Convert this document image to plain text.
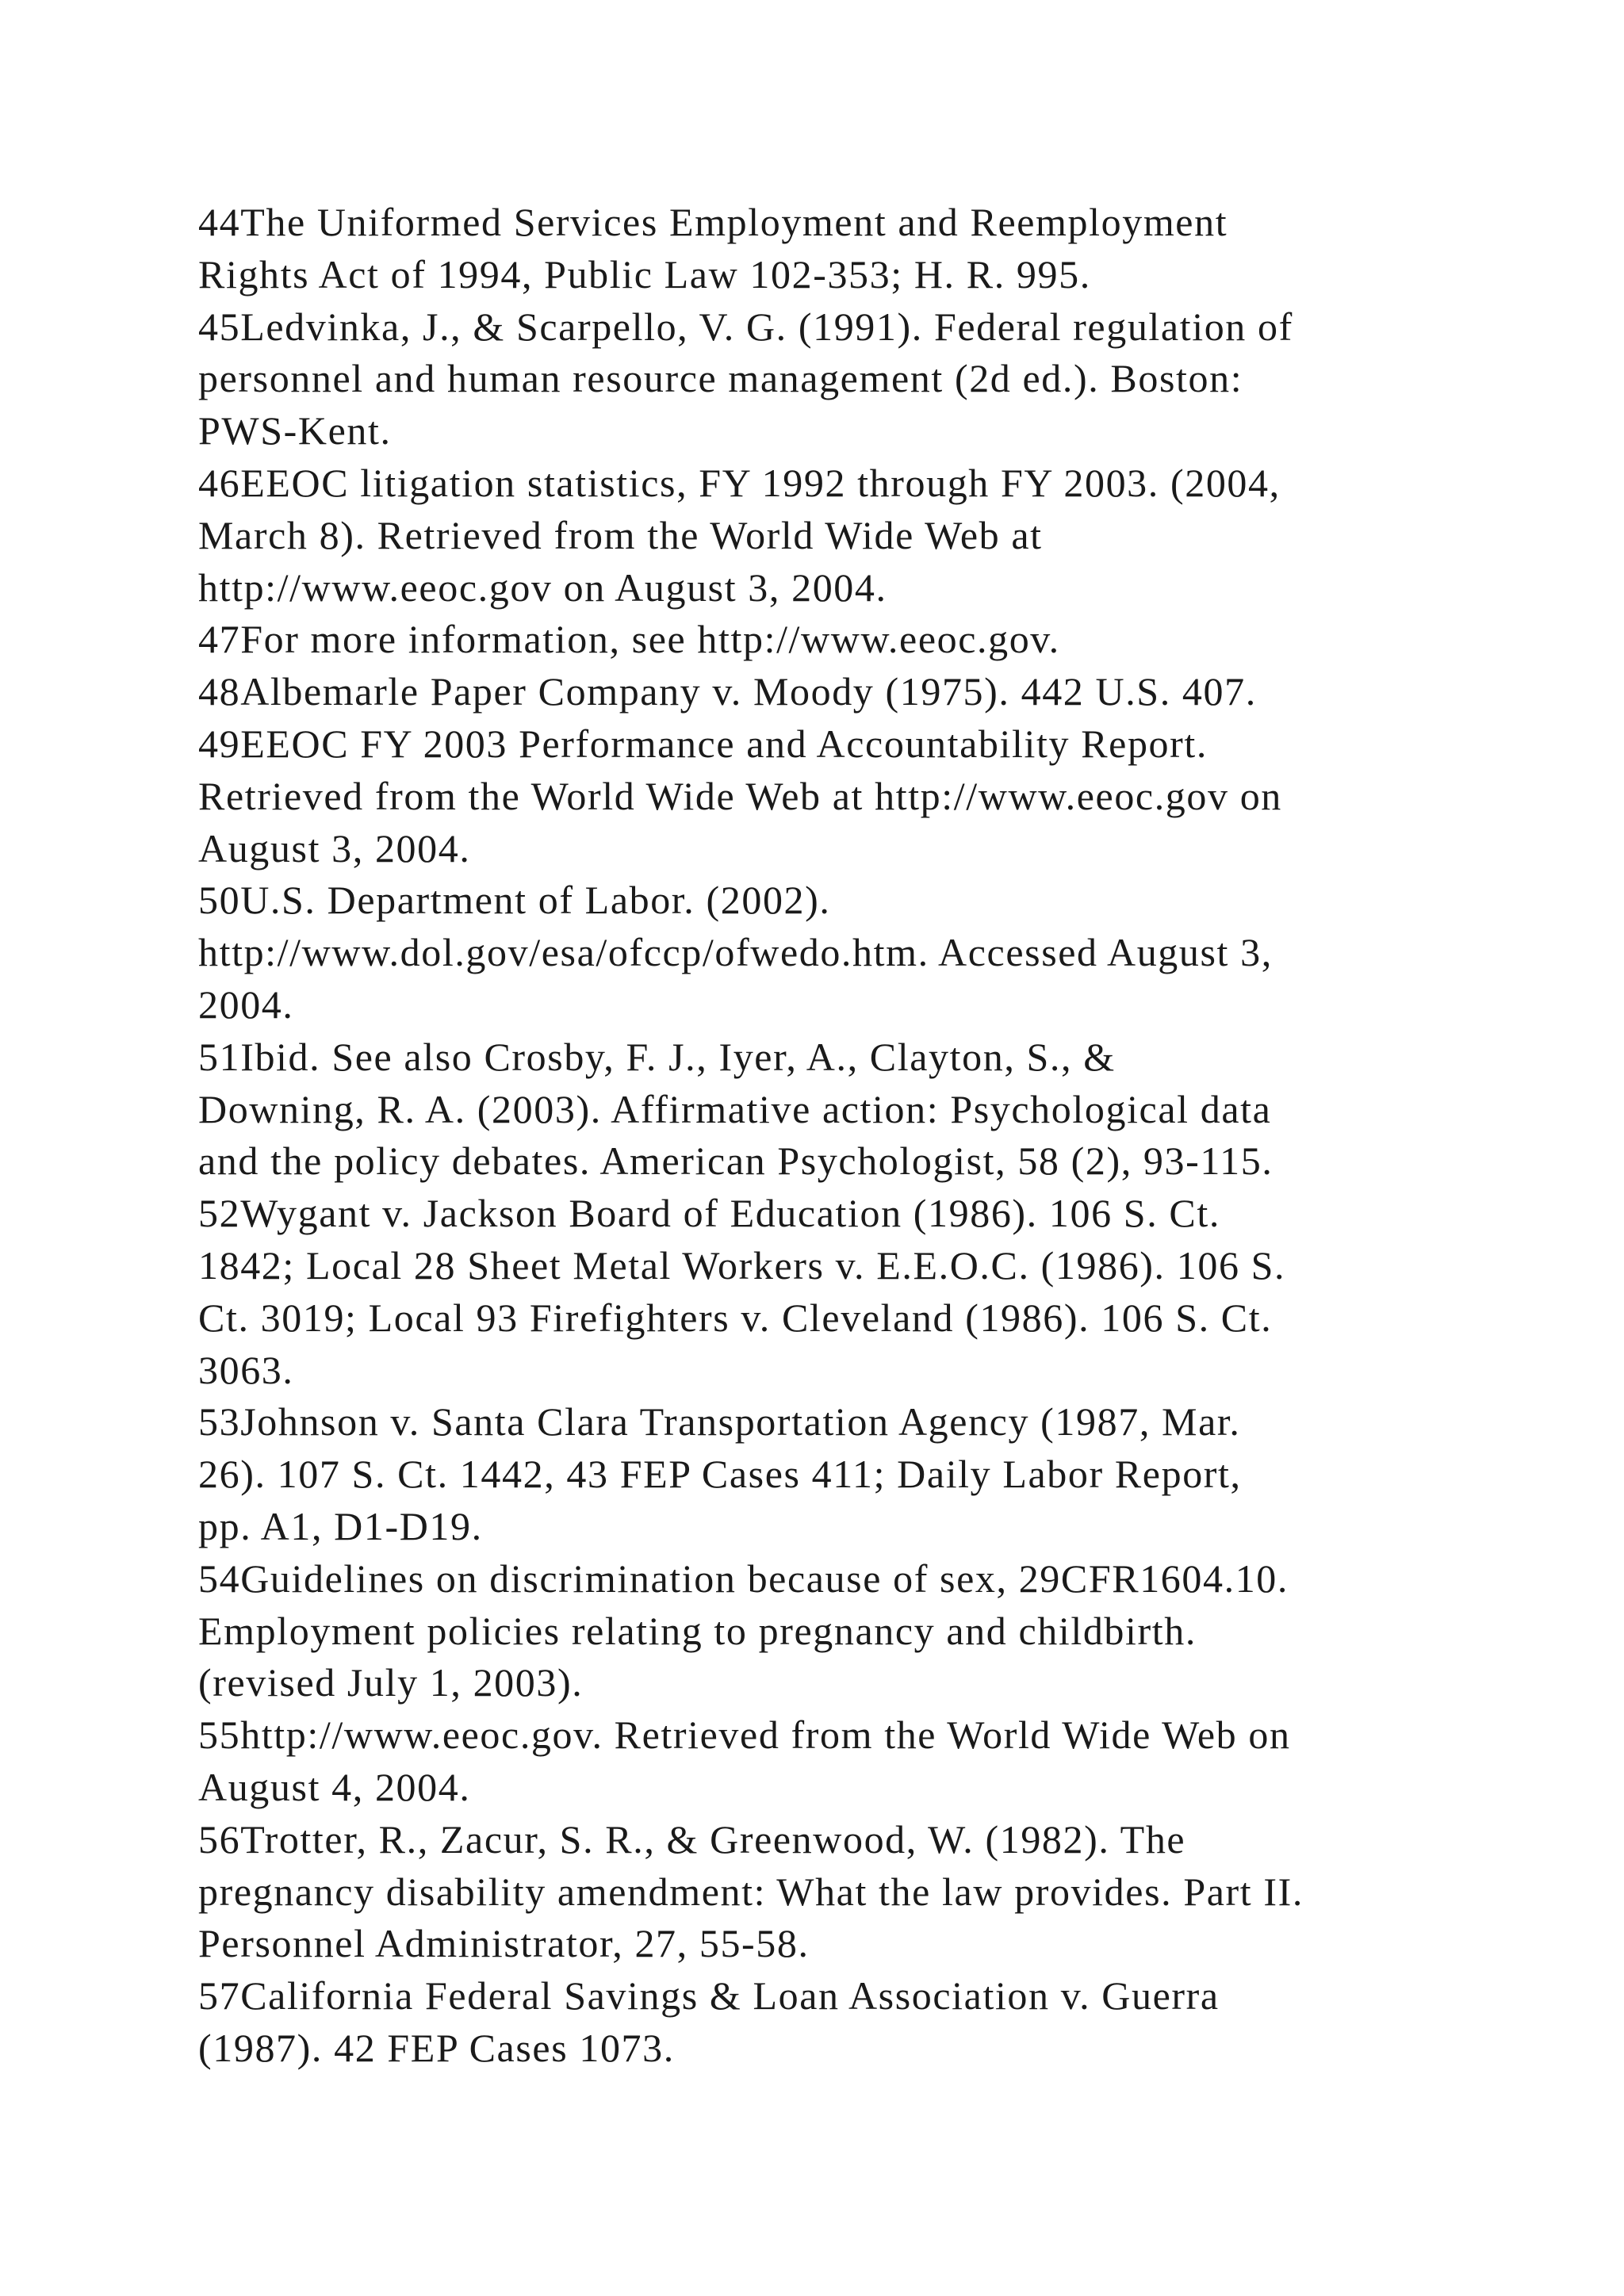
44The Uniformed Services Employment and Reemployment
Rights Act of 1994, Public Law 102-353; H. R. 995.
45Ledvinka, J., & Scarpello, V. G. (1991). Federal regulation of
personnel and human resource management (2d ed.). Boston:
PWS-Kent.
46EEOC litigation statistics, FY 1992 through FY 2003. (2004,
March 8). Retrieved from the World Wide Web at
http://www.eeoc.gov on August 3, 2004.
47For more information, see http://www.eeoc.gov.
48Albemarle Paper Company v. Moody (1975). 442 U.S. 407.
49EEOC FY 2003 Performance and Accountability Report.
Retrieved from the World Wide Web at http://www.eeoc.gov on
August 3, 2004.
50U.S. Department of Labor. (2002).
http://www.dol.gov/esa/ofccp/ofwedo.htm. Accessed August 3,
2004.
51Ibid. See also Crosby, F. J., Iyer, A., Clayton, S., &
Downing, R. A. (2003). Affirmative action: Psychological data
and the policy debates. American Psychologist, 58 (2), 93-115.
52Wygant v. Jackson Board of Education (1986). 106 S. Ct.
1842; Local 28 Sheet Metal Workers v. E.E.O.C. (1986). 106 S.
Ct. 3019; Local 93 Firefighters v. Cleveland (1986). 106 S. Ct.
3063.
53Johnson v. Santa Clara Transportation Agency (1987, Mar.
26). 107 S. Ct. 1442, 43 FEP Cases 411; Daily Labor Report,
pp. A1, D1-D19.
54Guidelines on discrimination because of sex, 29CFR1604.10.
Employment policies relating to pregnancy and childbirth.
(revised July 1, 2003).
55http://www.eeoc.gov. Retrieved from the World Wide Web on
August 4, 2004.
56Trotter, R., Zacur, S. R., & Greenwood, W. (1982). The
pregnancy disability amendment: What the law provides. Part II.
Personnel Administrator, 27, 55-58.
57California Federal Savings & Loan Association v. Guerra
(1987). 42 FEP Cases 1073.
